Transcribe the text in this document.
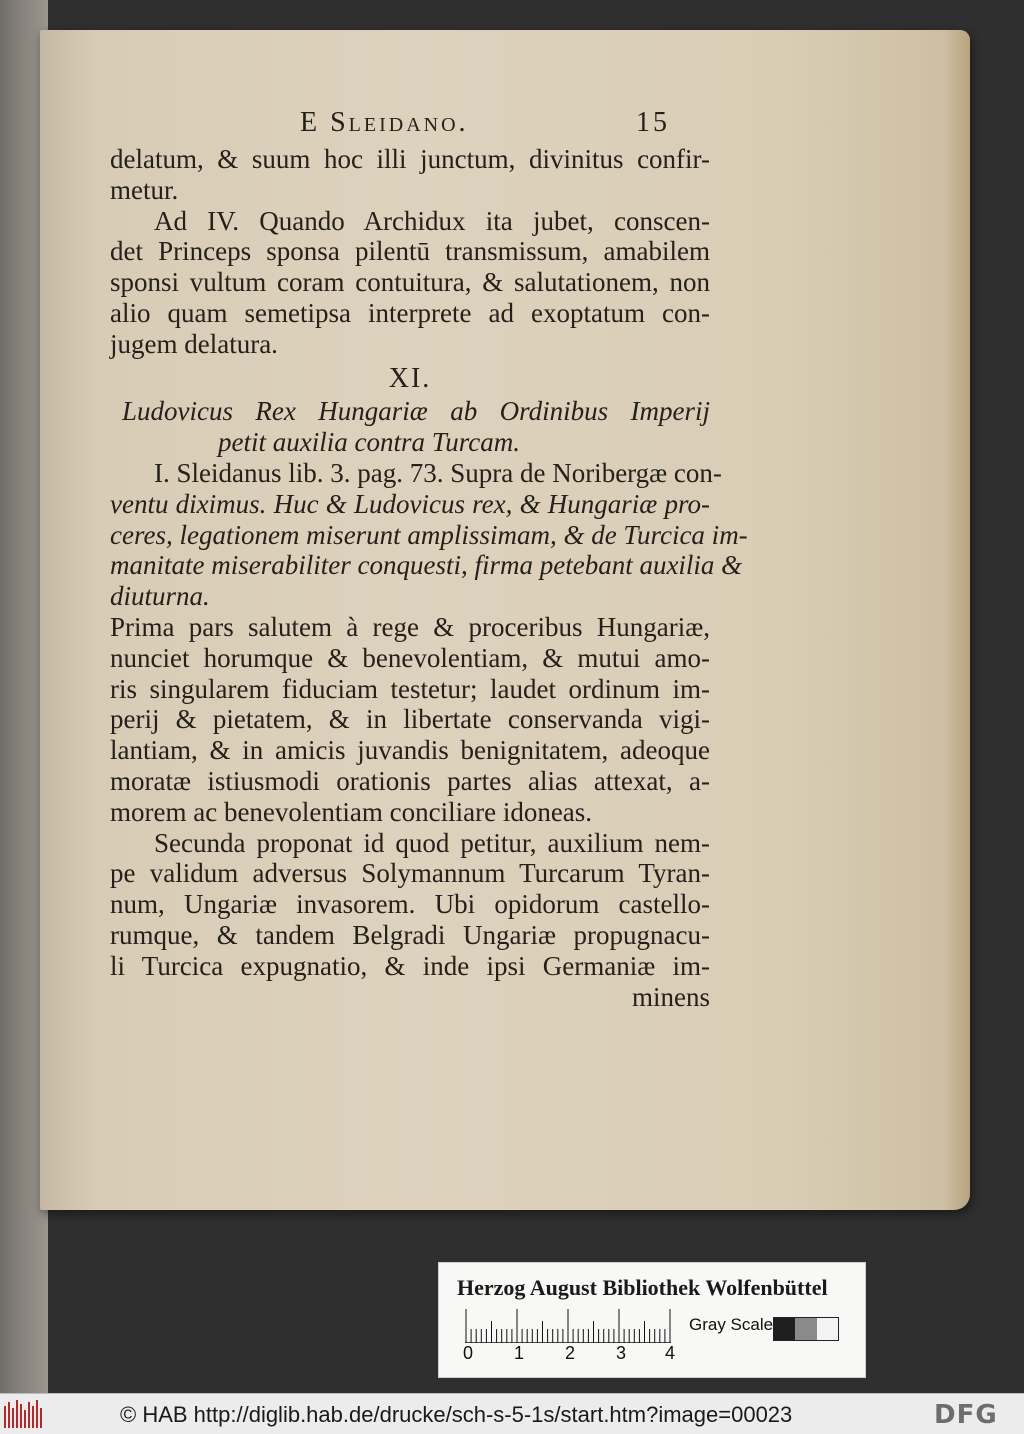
E Sleidano.	15
delatum, & suum hoc illi junctum, divinitus confir-
metur.
Ad IV. Quando Archidux ita jubet, conscen-
det Princeps sponsa pilentū transmissum, amabilem
sponsi vultum coram contuitura, & salutationem, non
alio quam semetipsa interprete ad exoptatum con-
jugem delatura.
XI.
Ludovicus Rex Hungariæ ab Ordinibus Imperij
petit auxilia contra Turcam.
I. Sleidanus lib. 3. pag. 73. Supra de Noribergæ con-
ventu diximus. Huc & Ludovicus rex, & Hungariæ pro-
ceres, legationem miserunt amplissimam, & de Turcica im-
manitate miserabiliter conquesti, firma petebant auxilia &
diuturna.
Prima pars salutem à rege & proceribus Hungariæ,
nunciet horumque & benevolentiam, & mutui amo-
ris singularem fiduciam testetur; laudet ordinum im-
perij & pietatem, & in libertate conservanda vigi-
lantiam, & in amicis juvandis benignitatem, adeoque
moratæ istiusmodi orationis partes alias attexat, a-
morem ac benevolentiam conciliare idoneas.
Secunda proponat id quod petitur, auxilium nem-
pe validum adversus Solymannum Turcarum Tyran-
num, Ungariæ invasorem. Ubi opidorum castello-
rumque, & tandem Belgradi Ungariæ propugnacu-
li Turcica expugnatio, & inde ipsi Germaniæ im-
minens
Herzog August Bibliothek Wolfenbüttel
0 1 2 3 4
Gray Scale
© HAB http://diglib.hab.de/drucke/sch-s-5-1s/start.htm?image=00023	DFG
